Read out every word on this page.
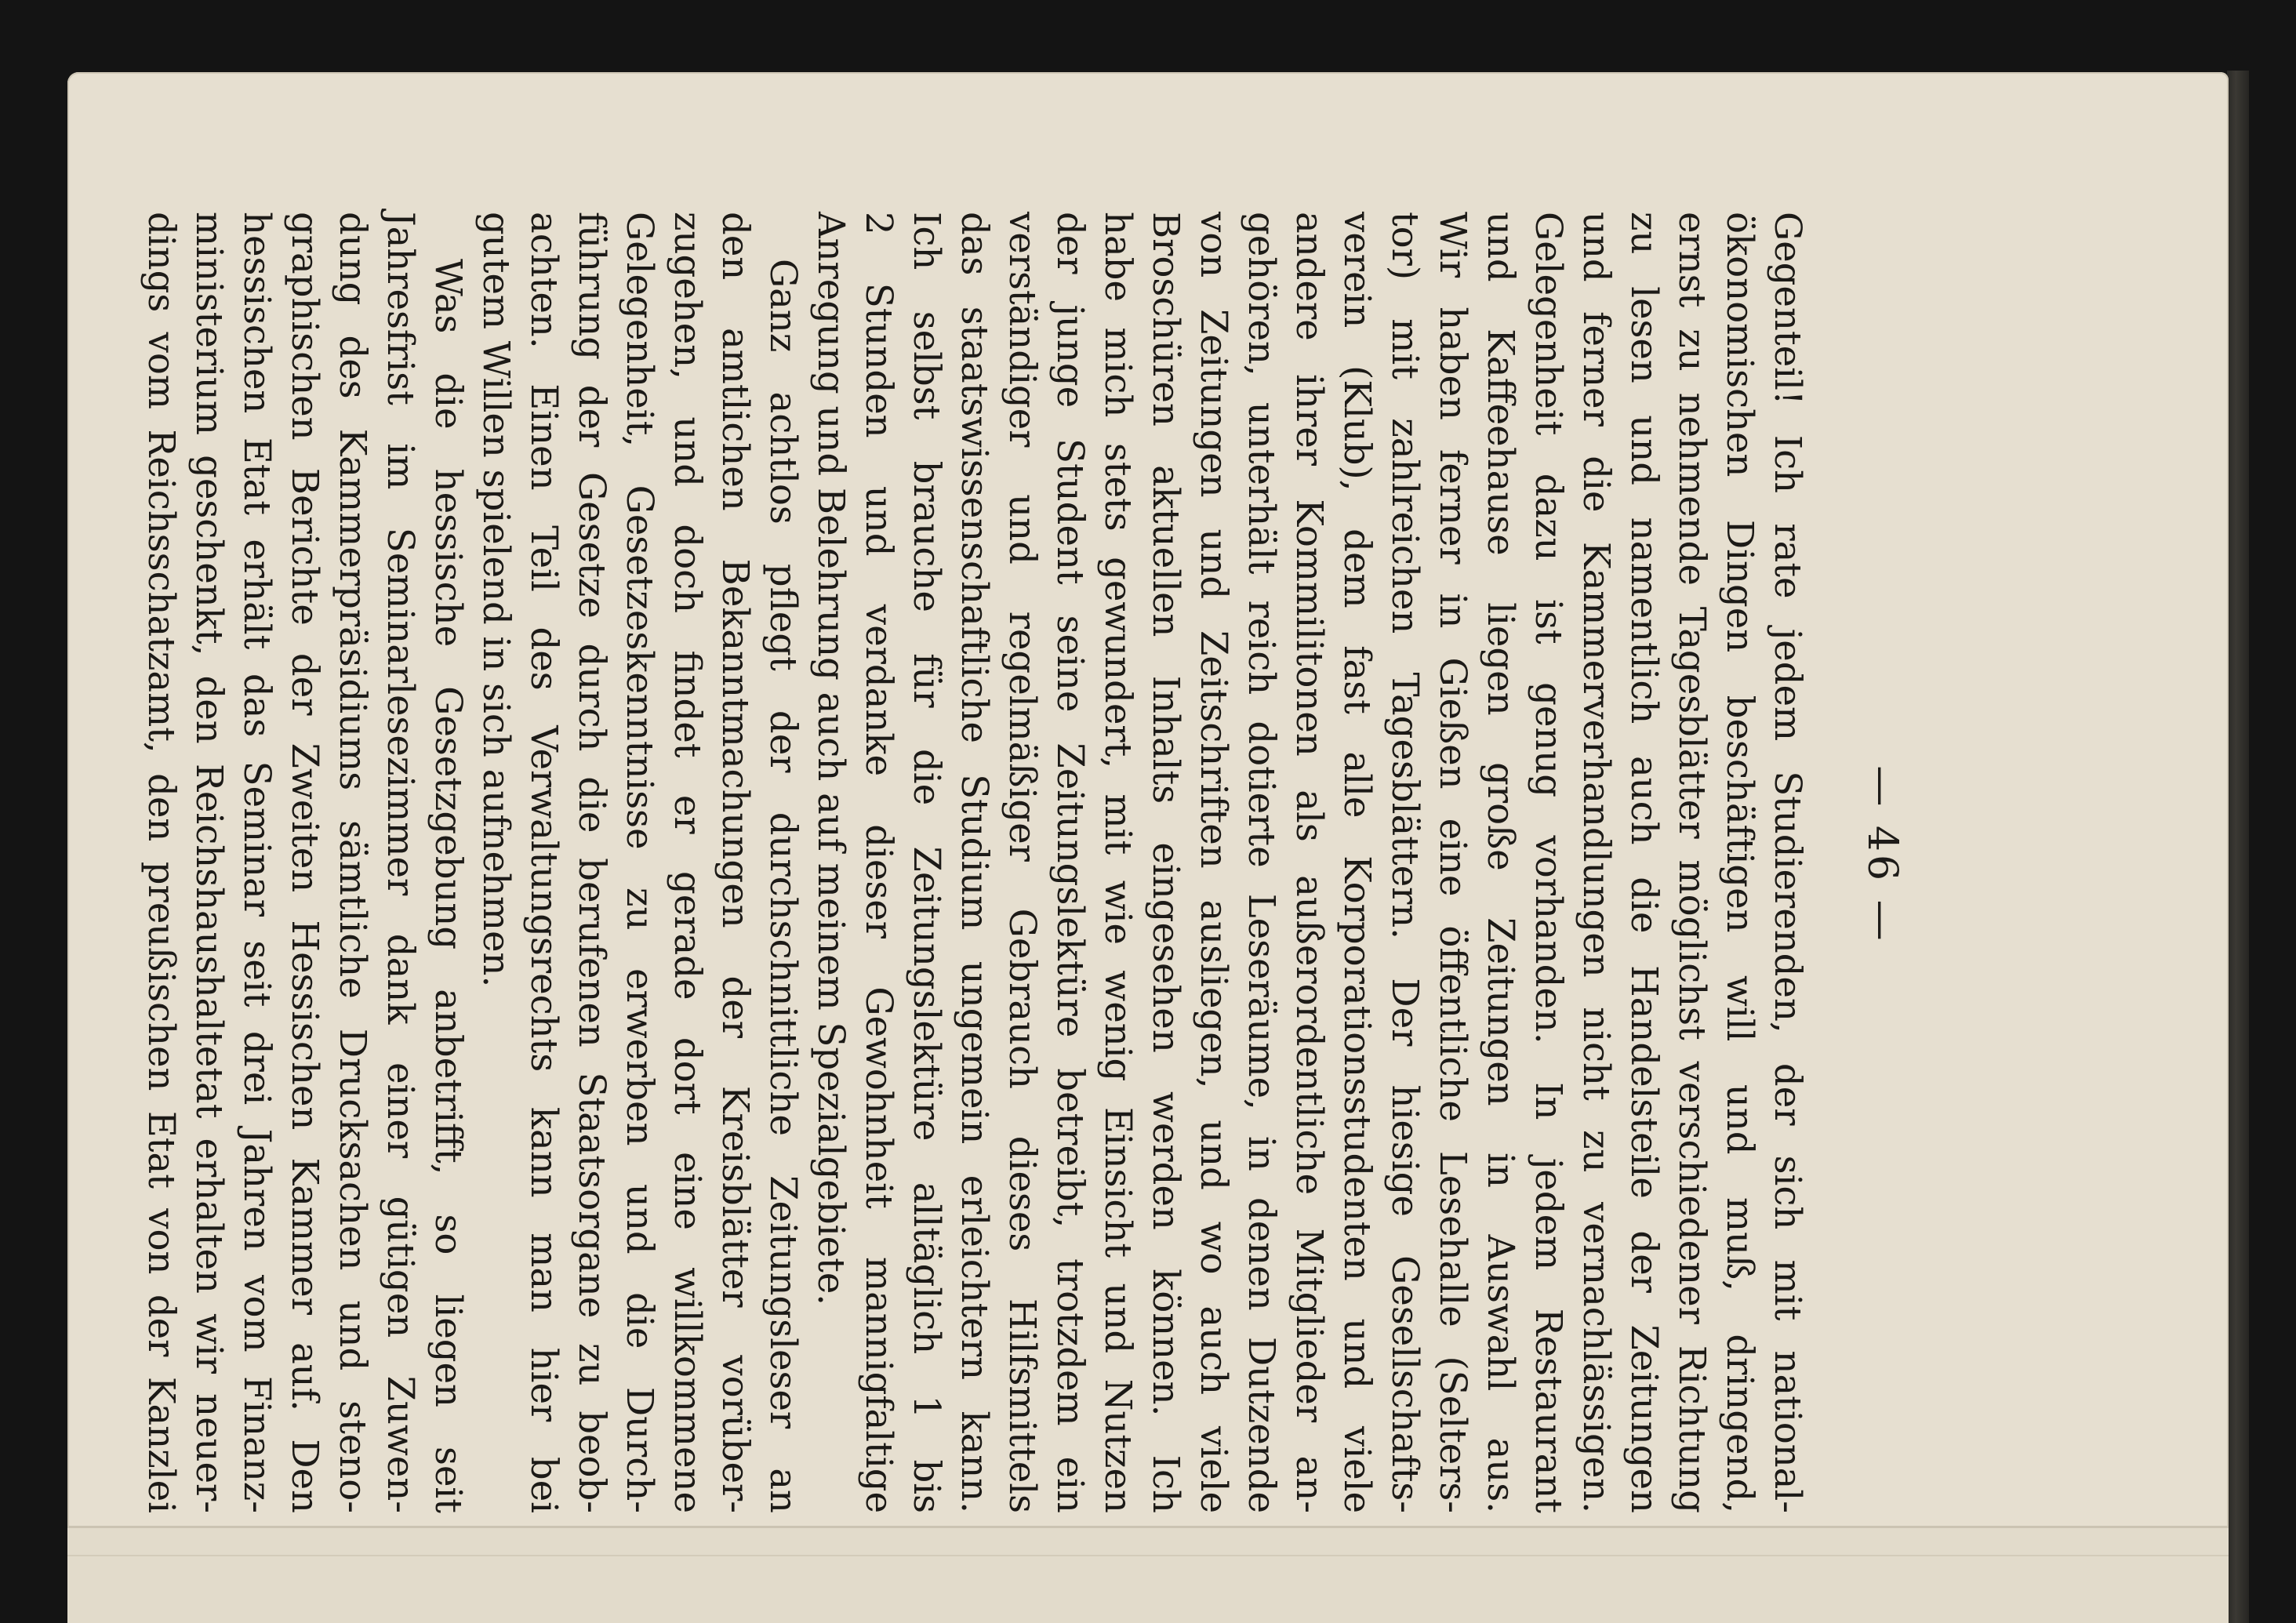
— 46 —
Gegenteil! Ich rate jedem Studierenden, der sich mit national-
ökonomischen Dingen beschäftigen will und muß, dringend,
ernst zu nehmende Tagesblätter möglichst verschiedener Richtung
zu lesen und namentlich auch die Handelsteile der Zeitungen
und ferner die Kammerverhandlungen nicht zu vernachlässigen.
Gelegenheit dazu ist genug vorhanden. In jedem Restaurant
und Kaffeehause liegen große Zeitungen in Auswahl aus.
Wir haben ferner in Gießen eine öffentliche Lesehalle (Selters-
tor) mit zahlreichen Tagesblättern. Der hiesige Gesellschafts-
verein (Klub), dem fast alle Korporationsstudenten und viele
andere ihrer Kommilitonen als außerordentliche Mitglieder an-
gehören, unterhält reich dotierte Leseräume, in denen Dutzende
von Zeitungen und Zeitschriften ausliegen, und wo auch viele
Broschüren aktuellen Inhalts eingesehen werden können. Ich
habe mich stets gewundert, mit wie wenig Einsicht und Nutzen
der junge Student seine Zeitungslektüre betreibt, trotzdem ein
verständiger und regelmäßiger Gebrauch dieses Hilfsmittels
das staatswissenschaftliche Studium ungemein erleichtern kann.
Ich selbst brauche für die Zeitungslektüre alltäglich 1 bis
2 Stunden und verdanke dieser Gewohnheit mannigfaltige
Anregung und Belehrung auch auf meinem Spezialgebiete.
Ganz achtlos pflegt der durchschnittliche Zeitungsleser an
den amtlichen Bekanntmachungen der Kreisblätter vorüber-
zugehen, und doch findet er gerade dort eine willkommene
Gelegenheit, Gesetzeskenntnisse zu erwerben und die Durch-
führung der Gesetze durch die berufenen Staatsorgane zu beob-
achten. Einen Teil des Verwaltungsrechts kann man hier bei
gutem Willen spielend in sich aufnehmen.
Was die hessische Gesetzgebung anbetrifft, so liegen seit
Jahresfrist im Seminarlesezimmer dank einer gütigen Zuwen-
dung des Kammerpräsidiums sämtliche Drucksachen und steno-
graphischen Berichte der Zweiten Hessischen Kammer auf. Den
hessischen Etat erhält das Seminar seit drei Jahren vom Finanz-
ministerium geschenkt, den Reichshaushaltetat erhalten wir neuer-
dings vom Reichsschatzamt, den preußischen Etat von der Kanzlei
